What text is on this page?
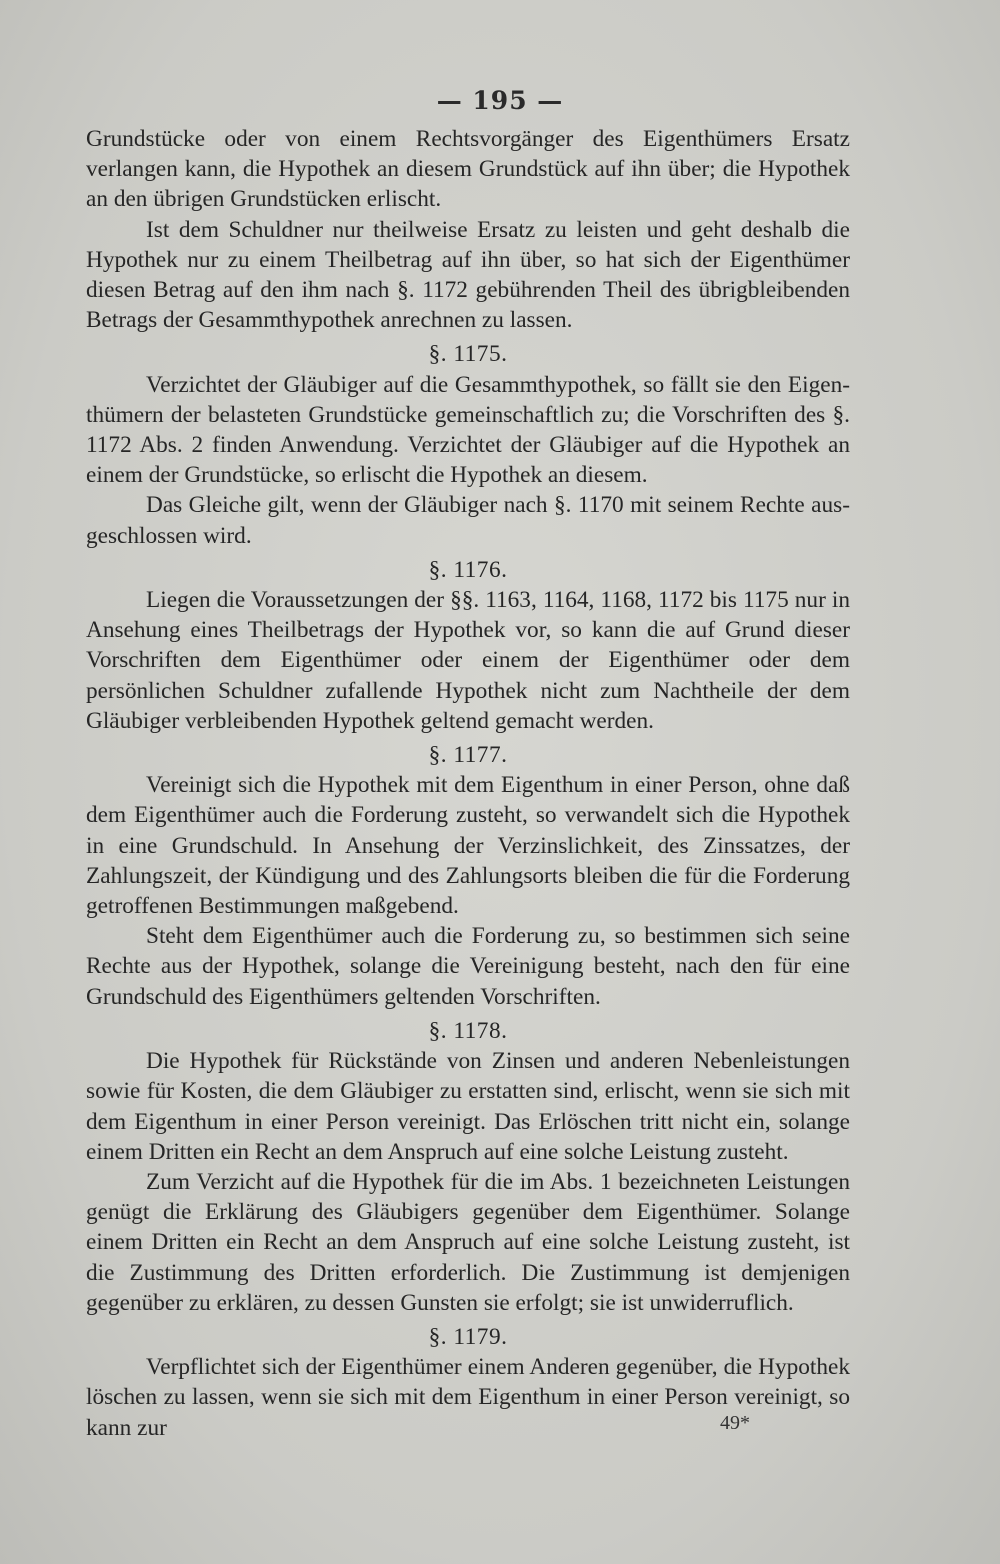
— 195 —

Grundstücke oder von einem Rechtsvorgänger des Eigenthümers Ersatz verlangen kann, die Hypothek an diesem Grundstück auf ihn über; die Hypothek an den übrigen Grundstücken erlischt.

Ist dem Schuldner nur theilweise Ersatz zu leisten und geht deshalb die Hypothek nur zu einem Theilbetrag auf ihn über, so hat sich der Eigenthümer diesen Betrag auf den ihm nach §. 1172 gebührenden Theil des übrigbleibenden Betrags der Gesammthypothek anrechnen zu lassen.

§. 1175.

Verzichtet der Gläubiger auf die Gesammthypothek, so fällt sie den Eigenthümern der belasteten Grundstücke gemeinschaftlich zu; die Vorschriften des §. 1172 Abs. 2 finden Anwendung. Verzichtet der Gläubiger auf die Hypothek an einem der Grundstücke, so erlischt die Hypothek an diesem.

Das Gleiche gilt, wenn der Gläubiger nach §. 1170 mit seinem Rechte ausgeschlossen wird.

§. 1176.

Liegen die Voraussetzungen der §§. 1163, 1164, 1168, 1172 bis 1175 nur in Ansehung eines Theilbetrags der Hypothek vor, so kann die auf Grund dieser Vorschriften dem Eigenthümer oder einem der Eigenthümer oder dem persönlichen Schuldner zufallende Hypothek nicht zum Nachtheile der dem Gläubiger verbleibenden Hypothek geltend gemacht werden.

§. 1177.

Vereinigt sich die Hypothek mit dem Eigenthum in einer Person, ohne daß dem Eigenthümer auch die Forderung zusteht, so verwandelt sich die Hypothek in eine Grundschuld. In Ansehung der Verzinslichkeit, des Zinssatzes, der Zahlungszeit, der Kündigung und des Zahlungsorts bleiben die für die Forderung getroffenen Bestimmungen maßgebend.

Steht dem Eigenthümer auch die Forderung zu, so bestimmen sich seine Rechte aus der Hypothek, solange die Vereinigung besteht, nach den für eine Grundschuld des Eigenthümers geltenden Vorschriften.

§. 1178.

Die Hypothek für Rückstände von Zinsen und anderen Nebenleistungen sowie für Kosten, die dem Gläubiger zu erstatten sind, erlischt, wenn sie sich mit dem Eigenthum in einer Person vereinigt. Das Erlöschen tritt nicht ein, solange einem Dritten ein Recht an dem Anspruch auf eine solche Leistung zusteht.

Zum Verzicht auf die Hypothek für die im Abs. 1 bezeichneten Leistungen genügt die Erklärung des Gläubigers gegenüber dem Eigenthümer. Solange einem Dritten ein Recht an dem Anspruch auf eine solche Leistung zusteht, ist die Zustimmung des Dritten erforderlich. Die Zustimmung ist demjenigen gegenüber zu erklären, zu dessen Gunsten sie erfolgt; sie ist unwiderruflich.

§. 1179.

Verpflichtet sich der Eigenthümer einem Anderen gegenüber, die Hypothek löschen zu lassen, wenn sie sich mit dem Eigenthum in einer Person vereinigt, so kann zur	49*
